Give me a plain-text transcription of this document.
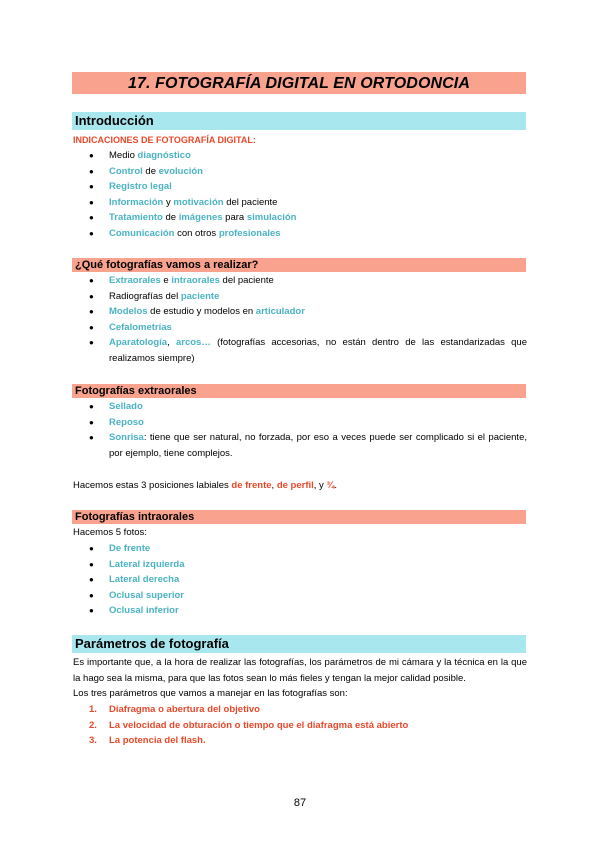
17. FOTOGRAFÍA DIGITAL EN ORTODONCIA
Introducción
INDICACIONES DE FOTOGRAFÍA DIGITAL:
● Medio diagnóstico
● Control de evolución
● Registro legal
● Información y motivación del paciente
● Tratamiento de imágenes para simulación
● Comunicación con otros profesionales
¿Qué fotografías vamos a realizar?
● Extraorales e intraorales del paciente
● Radiografías del paciente
● Modelos de estudio y modelos en articulador
● Cefalometrías
● Aparatología, arcos… (fotografías accesorias, no están dentro de las estandarizadas que realizamos siempre)
Fotografías extraorales
● Sellado
● Reposo
● Sonrisa: tiene que ser natural, no forzada, por eso a veces puede ser complicado si el paciente, por ejemplo, tiene complejos.
Hacemos estas 3 posiciones labiales de frente, de perfil, y ¾.
Fotografías intraorales
Hacemos 5 fotos:
● De frente
● Lateral izquierda
● Lateral derecha
● Oclusal superior
● Oclusal inferior
Parámetros de fotografía
Es importante que, a la hora de realizar las fotografías, los parámetros de mi cámara y la técnica en la que la hago sea la misma, para que las fotos sean lo más fieles y tengan la mejor calidad posible.
Los tres parámetros que vamos a manejar en las fotografías son:
1. Diafragma o abertura del objetivo
2. La velocidad de obturación o tiempo que el diafragma está abierto
3. La potencia del flash.
87
